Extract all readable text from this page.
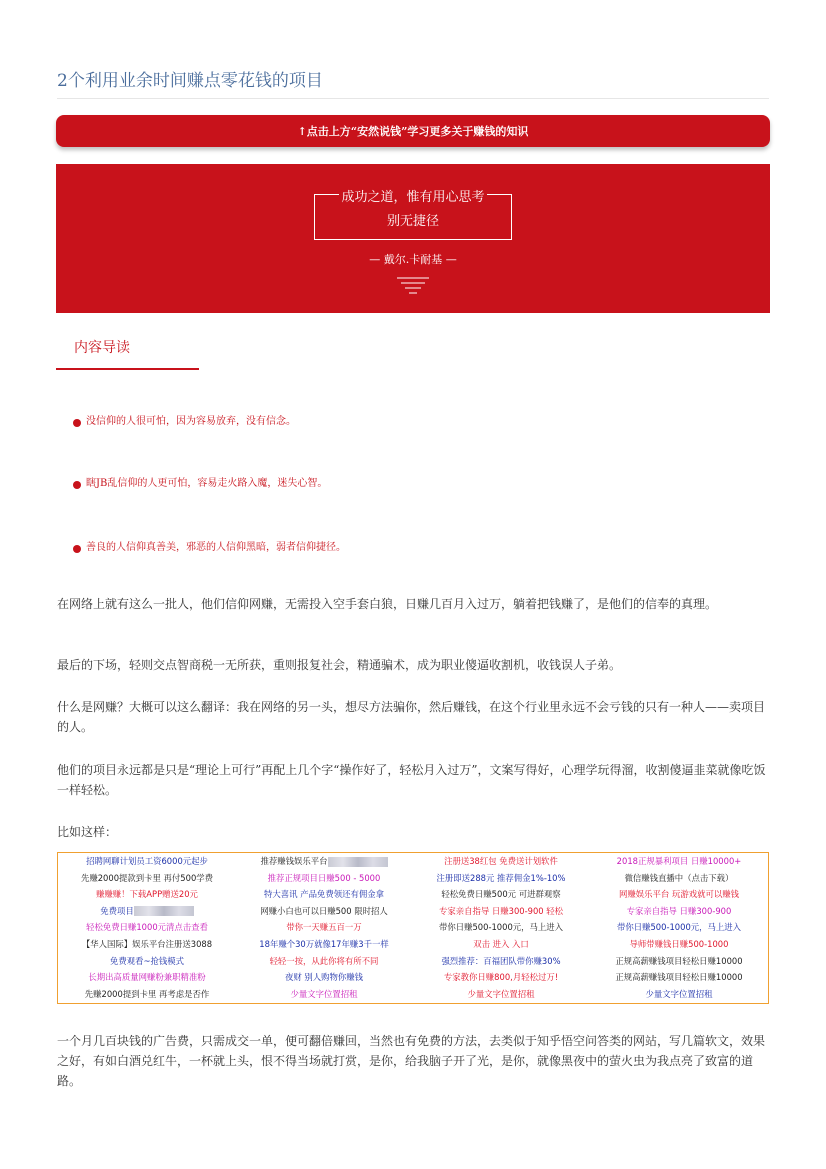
2个利用业余时间赚点零花钱的项目
↑点击上方“安然说钱”学习更多关于赚钱的知识
成功之道，惟有用心思考
别无捷径
— 戴尔.卡耐基 —
内容导读
没信仰的人很可怕，因为容易放弃，没有信念。
瞎JB乱信仰的人更可怕，容易走火路入魔，迷失心智。
善良的人信仰真善美，邪恶的人信仰黑暗，弱者信仰捷径。
在网络上就有这么一批人，他们信仰网赚，无需投入空手套白狼，日赚几百月入过万，躺着把钱赚了，是他们的信奉的真理。
最后的下场，轻则交点智商税一无所获，重则报复社会，精通骗术，成为职业傻逼收割机，收钱误人子弟。
什么是网赚？大概可以这么翻译：我在网络的另一头，想尽方法骗你，然后赚钱，在这个行业里永远不会亏钱的只有一种人——卖项目的人。
他们的项目永远都是只是“理论上可行”再配上几个字“操作好了，轻松月入过万”，文案写得好，心理学玩得溜，收割傻逼韭菜就像吃饭一样轻松。
比如这样：
招聘网聊计划员工资6000元起步	推荐赚钱娱乐平台	注册送38红包 免费送计划软件	2018正规暴利项目 日赚10000+
先赚2000提款到卡里 再付500学费	推荐正规项目日赚500 - 5000	注册即送288元 推荐佣金1%-10%	微信赚钱直播中（点击下载）
赚赚赚！下载APP赠送20元	特大喜讯 产品免费领还有佣金拿	轻松免费日赚500元 可进群观察	网赚娱乐平台 玩游戏就可以赚钱
免费项目	网赚小白也可以日赚500 限时招人	专家亲自指导 日赚300-900 轻松	专家亲自指导 日赚300-900
轻松免费日赚1000元清点击查看	带你一天赚五百一万	带你日赚500-1000元，马上进入	带你日赚500-1000元，马上进入
【华人国际】娱乐平台注册送3088	18年赚个30万就像17年赚3千一样	双击 进入 入口	导师带赚钱日赚500-1000
免费观看~抢钱模式	轻轻一按，从此你将有所不同	强烈推荐：百福团队带你赚30%	正规高薪赚钱项目轻松日赚10000
长期出高质量网赚粉兼职精准粉	夜财 别人购物你赚钱	专家教你日赚800,月轻松过万!	正规高薪赚钱项目轻松日赚10000
先赚2000提到卡里 再考虑是否作	少量文字位置招租	少量文字位置招租	少量文字位置招租
一个月几百块钱的广告费，只需成交一单，便可翻倍赚回，当然也有免费的方法，去类似于知乎悟空问答类的网站，写几篇软文，效果之好，有如白酒兑红牛，一杯就上头，恨不得当场就打赏，是你，给我脑子开了光，是你，就像黑夜中的萤火虫为我点亮了致富的道路。
